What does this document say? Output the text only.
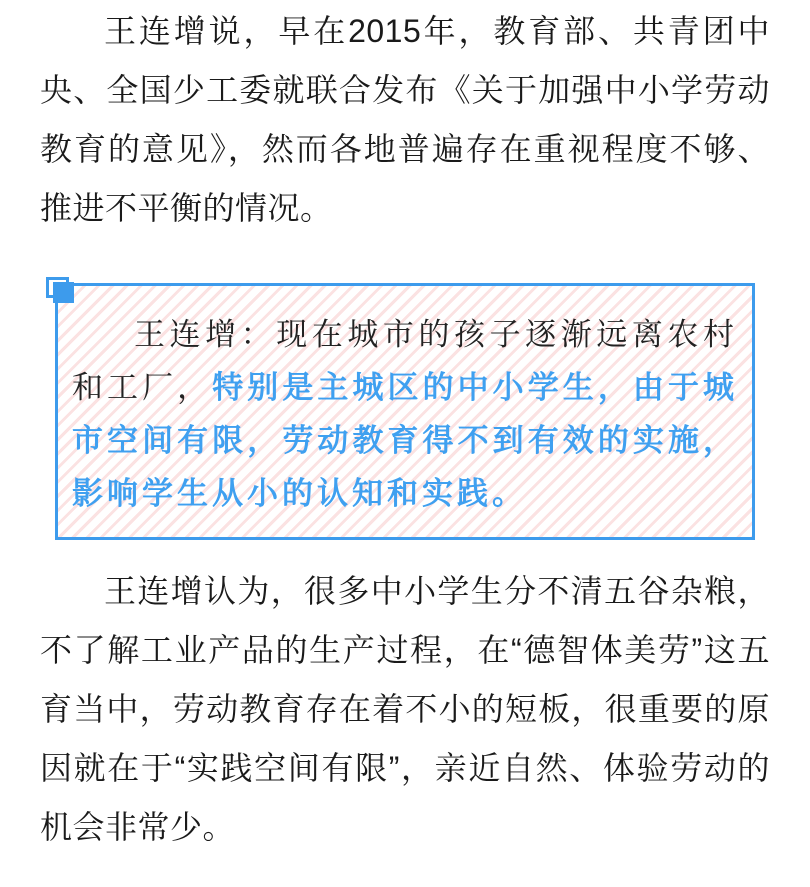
王连增说，早在2015年，教育部、共青团中央、全国少工委就联合发布《关于加强中小学劳动教育的意见》，然而各地普遍存在重视程度不够、推进不平衡的情况。

王连增：现在城市的孩子逐渐远离农村和工厂，特别是主城区的中小学生，由于城市空间有限，劳动教育得不到有效的实施，影响学生从小的认知和实践。

王连增认为，很多中小学生分不清五谷杂粮，不了解工业产品的生产过程，在“德智体美劳”这五育当中，劳动教育存在着不小的短板，很重要的原因就在于“实践空间有限”，亲近自然、体验劳动的机会非常少。
